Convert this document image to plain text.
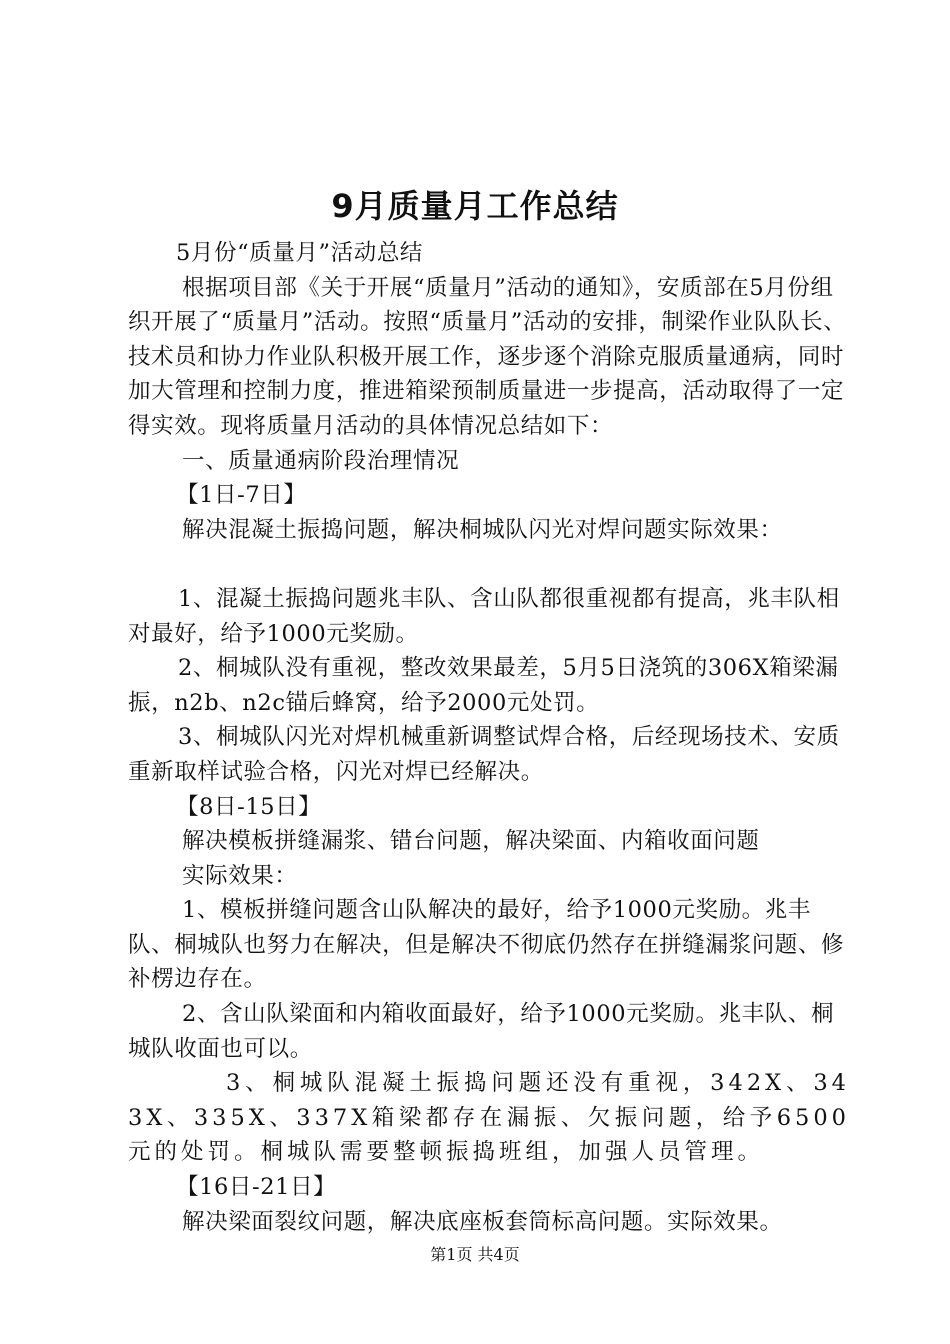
9月质量月工作总结

5月份“质量月”活动总结

根据项目部《关于开展“质量月”活动的通知》，安质部在5月份组织开展了“质量月”活动。按照“质量月”活动的安排，制梁作业队队长、技术员和协力作业队积极开展工作，逐步逐个消除克服质量通病，同时加大管理和控制力度，推进箱梁预制质量进一步提高，活动取得了一定得实效。现将质量月活动的具体情况总结如下：

一、质量通病阶段治理情况

【1日-7日】

解决混凝土振捣问题，解决桐城队闪光对焊问题实际效果：

1、混凝土振捣问题兆丰队、含山队都很重视都有提高，兆丰队相对最好，给予1000元奖励。

2、桐城队没有重视，整改效果最差，5月5日浇筑的306X箱梁漏振，n2b、n2c锚后蜂窝，给予2000元处罚。

3、桐城队闪光对焊机械重新调整试焊合格，后经现场技术、安质重新取样试验合格，闪光对焊已经解决。

【8日-15日】

解决模板拼缝漏浆、错台问题，解决梁面、内箱收面问题

实际效果：

1、模板拼缝问题含山队解决的最好，给予1000元奖励。兆丰队、桐城队也努力在解决，但是解决不彻底仍然存在拼缝漏浆问题、修补楞边存在。

2、含山队梁面和内箱收面最好，给予1000元奖励。兆丰队、桐城队收面也可以。

3、桐城队混凝土振捣问题还没有重视，342X、343X、335X、337X箱梁都存在漏振、欠振问题，给予6500元的处罚。桐城队需要整顿振捣班组，加强人员管理。

【16日-21日】

解决梁面裂纹问题，解决底座板套筒标高问题。实际效果。

第1页 共4页
